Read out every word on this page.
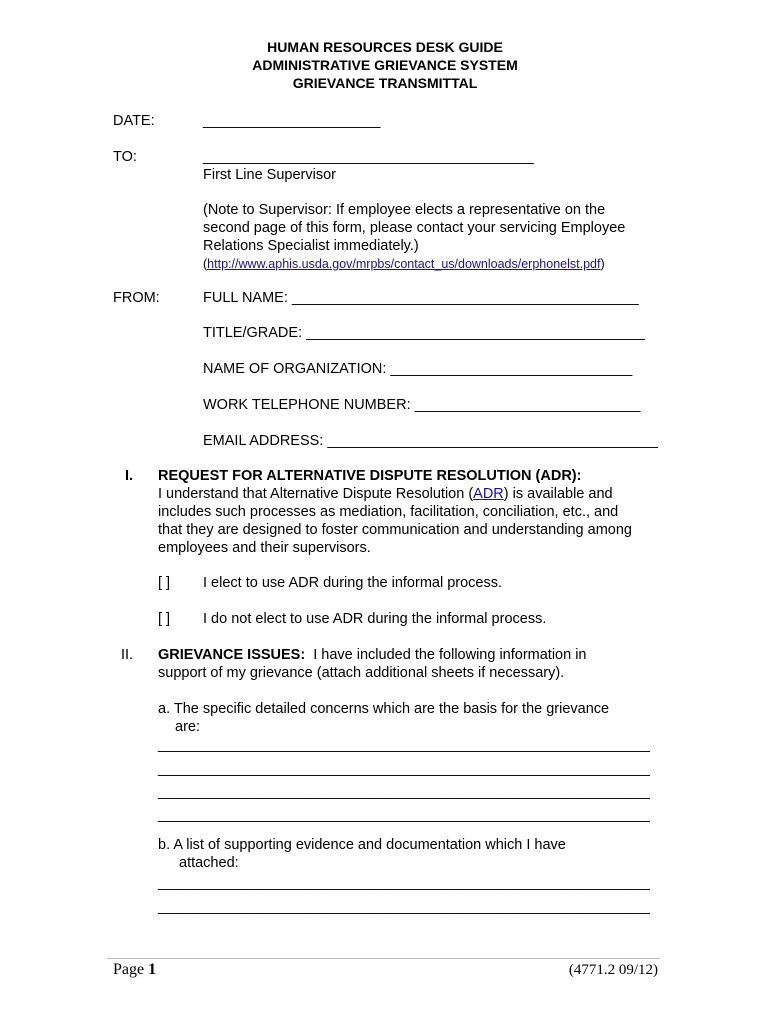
HUMAN RESOURCES DESK GUIDE
ADMINISTRATIVE GRIEVANCE SYSTEM
GRIEVANCE TRANSMITTAL
DATE:	______________________
TO:	_________________________________________
First Line Supervisor
(Note to Supervisor: If employee elects a representative on the
second page of this form, please contact your servicing Employee
Relations Specialist immediately.)
(http://www.aphis.usda.gov/mrpbs/contact_us/downloads/erphonelst.pdf)
FROM:	FULL NAME: ___________________________________________
TITLE/GRADE: __________________________________________
NAME OF ORGANIZATION: ______________________________
WORK TELEPHONE NUMBER: ____________________________
EMAIL ADDRESS: _________________________________________
I. REQUEST FOR ALTERNATIVE DISPUTE RESOLUTION (ADR):
I understand that Alternative Dispute Resolution (ADR) is available and
includes such processes as mediation, facilitation, conciliation, etc., and
that they are designed to foster communication and understanding among
employees and their supervisors.
[ ] I elect to use ADR during the informal process.
[ ] I do not elect to use ADR during the informal process.
II. GRIEVANCE ISSUES:  I have included the following information in
support of my grievance (attach additional sheets if necessary).
a. The specific detailed concerns which are the basis for the grievance
are:
_____________________________________________________________
_____________________________________________________________
_____________________________________________________________
_____________________________________________________________
b. A list of supporting evidence and documentation which I have
attached:
_____________________________________________________________
_____________________________________________________________
Page 1	(4771.2 09/12)
